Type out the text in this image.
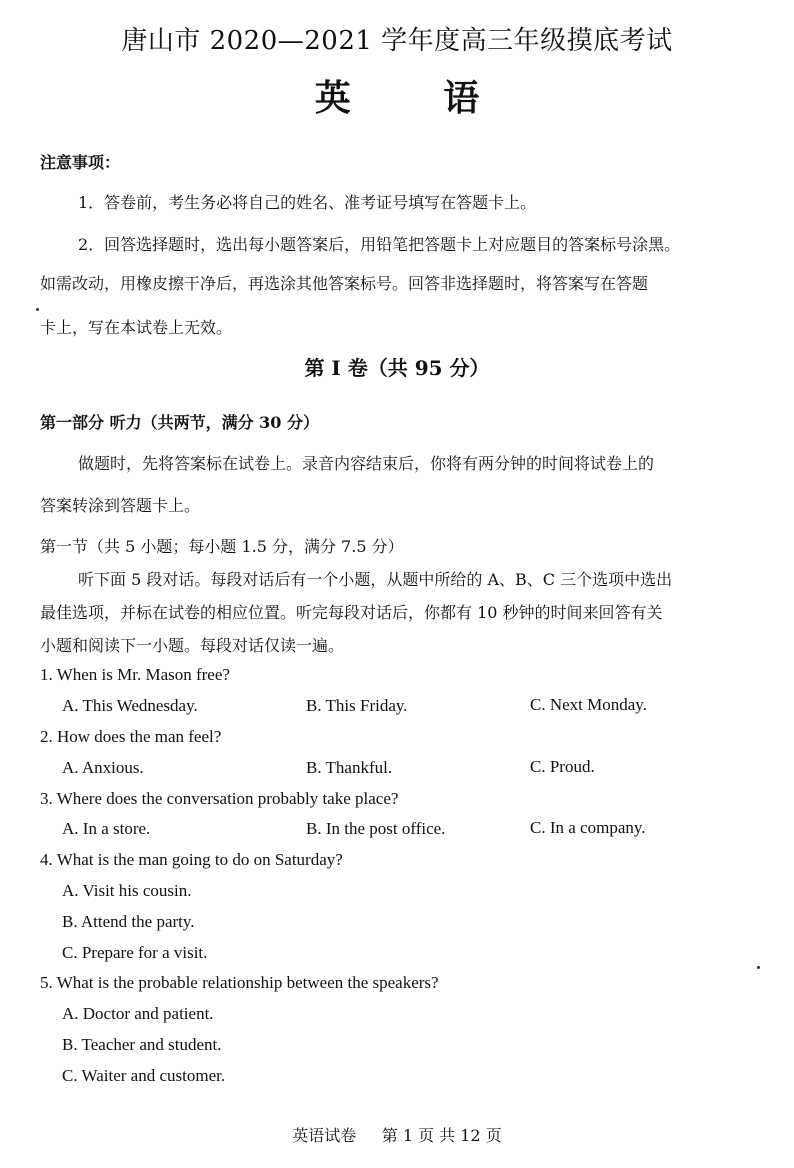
唐山市 2020—2021 学年度高三年级摸底考试
英 语
注意事项：
1．答卷前，考生务必将自己的姓名、准考证号填写在答题卡上。
2．回答选择题时，选出每小题答案后，用铅笔把答题卡上对应题目的答案标号涂黑。
如需改动，用橡皮擦干净后，再选涂其他答案标号。回答非选择题时，将答案写在答题
卡上，写在本试卷上无效。
第 I 卷（共 95 分）
第一部分 听力（共两节，满分 30 分）
做题时，先将答案标在试卷上。录音内容结束后，你将有两分钟的时间将试卷上的
答案转涂到答题卡上。
第一节（共 5 小题；每小题 1.5 分，满分 7.5 分）
听下面 5 段对话。每段对话后有一个小题，从题中所给的 A、B、C 三个选项中选出
最佳选项，并标在试卷的相应位置。听完每段对话后，你都有 10 秒钟的时间来回答有关
小题和阅读下一小题。每段对话仅读一遍。
1. When is Mr. Mason free?
A. This Wednesday.	B. This Friday.	C. Next Monday.
2. How does the man feel?
A. Anxious.	B. Thankful.	C. Proud.
3. Where does the conversation probably take place?
A. In a store.	B. In the post office.	C. In a company.
4. What is the man going to do on Saturday?
A. Visit his cousin.
B. Attend the party.
C. Prepare for a visit.
5. What is the probable relationship between the speakers?
A. Doctor and patient.
B. Teacher and student.
C. Waiter and customer.
英语试卷     第 1 页 共 12 页
